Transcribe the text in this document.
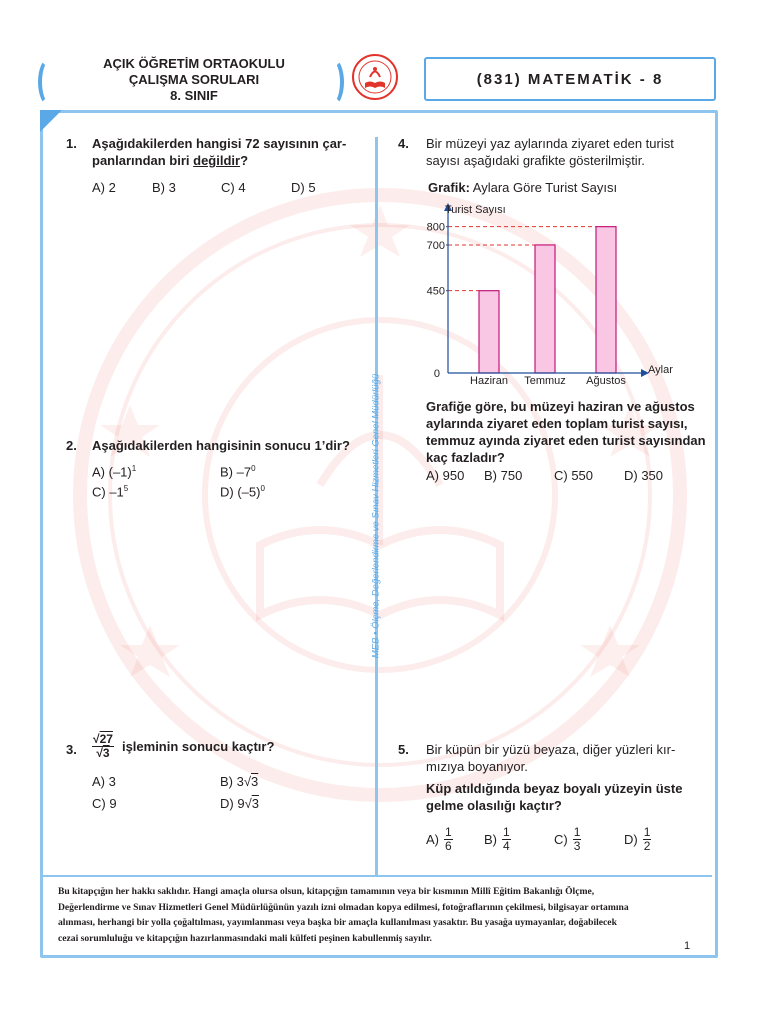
AÇIK ÖĞRETİM ORTAOKULU
ÇALIŞMA SORULARI
8. SINIF
(831) MATEMATİK - 8
MEB • Ölçme, Değerlendirme ve Sınav Hizmetleri Genel Müdürlüğü
1. Aşağıdakilerden hangisi 72 sayısının çar-
panlarından biri değildir?
A) 2	B) 3	C) 4	D) 5
2. Aşağıdakilerden hangisinin sonucu 1’dir?
A) $(-1)^1$	B) $-7^0$
C) $-1^5$	D) $(-5)^0$
3. $\frac{√27}{√3}$ işleminin sonucu kaçtır?
A) 3	B) 3√3
C) 9	D) 9√3
4. Bir müzeyi yaz aylarında ziyaret eden turist
sayısı aşağıdaki grafikte gösterilmiştir.
Grafik: Aylara Göre Turist Sayısı
0
450
700
800
Haziran Temmuz Ağustos
Turist Sayısı
Aylar
Grafiğe göre, bu müzeyi haziran ve ağustos
aylarında ziyaret eden toplam turist sayısı,
temmuz ayında ziyaret eden turist sayısından
kaç fazladır?
A) 950 B) 750 C) 550 D) 350
5. Bir küpün bir yüzü beyaza, diğer yüzleri kır-
mızıya boyanıyor.
Küp atıldığında beyaz boyalı yüzeyin üste
gelme olasılığı kaçtır?
$A) \frac{1}{6} B) \frac{1}{4}$	$C) \frac{1}{3}$	$D) \frac{1}{2}$
Bu kitapçığın her hakkı saklıdır. Hangi amaçla olursa olsun, kitapçığın tamamının veya bir kısmının Millî Eğitim Bakanlığı Ölçme,
Değerlendirme ve Sınav Hizmetleri Genel Müdürlüğünün yazılı izni olmadan kopya edilmesi, fotoğraflarının çekilmesi, bilgisayar ortamına
alınması, herhangi bir yolla çoğaltılması, yayımlanması veya başka bir amaçla kullanılması yasaktır. Bu yasağa uymayanlar, doğabilecek
cezai sorumluluğu ve kitapçığın hazırlanmasındaki mali külfeti peşinen kabullenmiş sayılır.
1
